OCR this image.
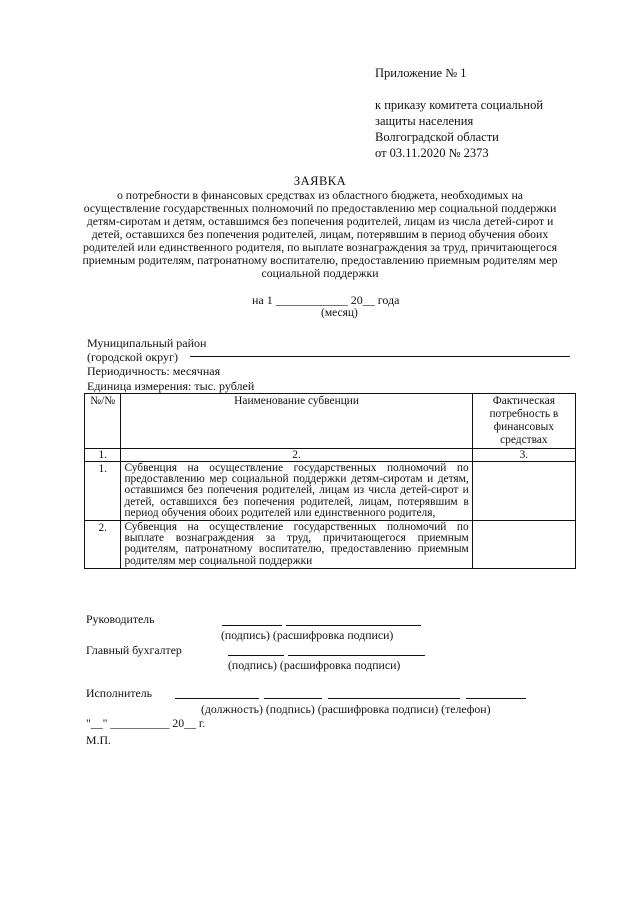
Приложение № 1
к приказу комитета социальной
защиты населения
Волгоградской области
от 03.11.2020 № 2373
ЗАЯВКА
о потребности в финансовых средствах из областного бюджета, необходимых на осуществление государственных полномочий по предоставлению мер социальной поддержки детям-сиротам и детям, оставшимся без попечения родителей, лицам из числа детей-сирот и детей, оставшихся без попечения родителей, лицам, потерявшим в период обучения обоих родителей или единственного родителя, по выплате вознаграждения за труд, причитающегося приемным родителям, патронатному воспитателю, предоставлению приемным родителям мер социальной поддержки
на 1 ____________ 20__ года
(месяц)
Муниципальный район
(городской округ)
Периодичность: месячная
Единица измерения: тыс. рублей
№/№	Наименование субвенции	Фактическая потребность в финансовых средствах
1.	2.	3.
1.	Субвенция на осуществление государственных полномочий по предоставлению мер социальной поддержки детям-сиротам и детям, оставшимся без попечения родителей, лицам из числа детей-сирот и детей, оставшихся без попечения родителей, лицам, потерявшим в период обучения обоих родителей или единственного родителя,	
2.	Субвенция на осуществление государственных полномочий по выплате вознаграждения за труд, причитающегося приемным родителям, патронатному воспитателю, предоставлению приемным родителям мер социальной поддержки	
Руководитель
(подпись) (расшифровка подписи)
Главный бухгалтер
(подпись) (расшифровка подписи)
Исполнитель
(должность) (подпись) (расшифровка подписи) (телефон)
"__" __________ 20__ г.
М.П.
